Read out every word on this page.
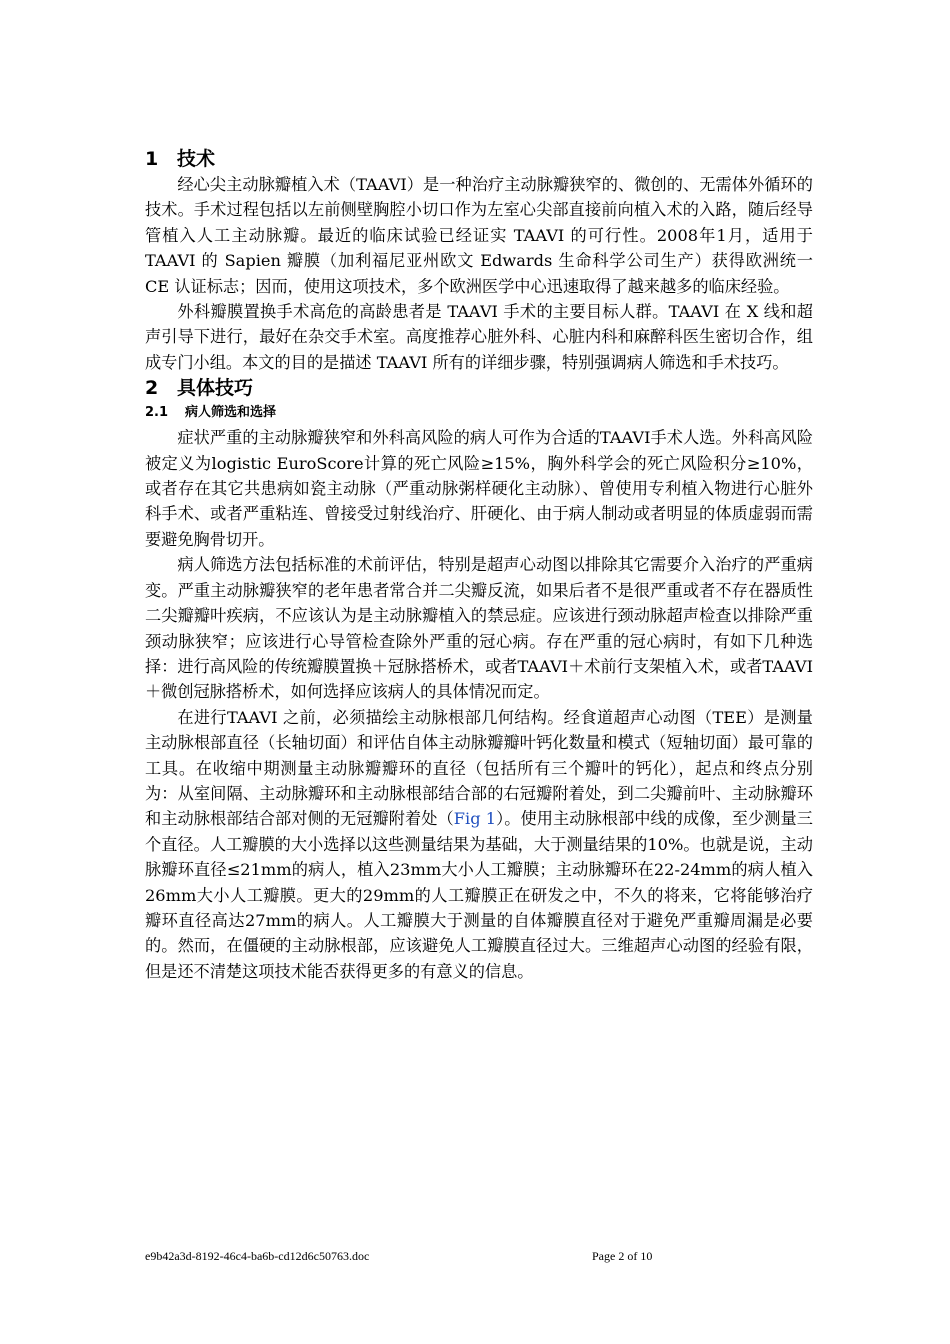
1 技术

经心尖主动脉瓣植入术（TAAVI）是一种治疗主动脉瓣狭窄的、微创的、无需体外循环的技术。手术过程包括以左前侧壁胸腔小切口作为左室心尖部直接前向植入术的入路，随后经导管植入人工主动脉瓣。最近的临床试验已经证实 TAAVI 的可行性。2008年1月，适用于 TAAVI 的 Sapien 瓣膜（加利福尼亚州欧文 Edwards 生命科学公司生产）获得欧洲统一 CE 认证标志；因而，使用这项技术，多个欧洲医学中心迅速取得了越来越多的临床经验。

外科瓣膜置换手术高危的高龄患者是 TAAVI 手术的主要目标人群。TAAVI 在 X 线和超声引导下进行，最好在杂交手术室。高度推荐心脏外科、心脏内科和麻醉科医生密切合作，组成专门小组。本文的目的是描述 TAAVI 所有的详细步骤，特别强调病人筛选和手术技巧。

2 具体技巧
2.1	病人筛选和选择

症状严重的主动脉瓣狭窄和外科高风险的病人可作为合适的TAAVI手术人选。外科高风险被定义为logistic EuroScore计算的死亡风险≥15%，胸外科学会的死亡风险积分≥10%，或者存在其它共患病如瓷主动脉（严重动脉粥样硬化主动脉）、曾使用专利植入物进行心脏外科手术、或者严重粘连、曾接受过射线治疗、肝硬化、由于病人制动或者明显的体质虚弱而需要避免胸骨切开。

病人筛选方法包括标准的术前评估，特别是超声心动图以排除其它需要介入治疗的严重病变。严重主动脉瓣狭窄的老年患者常合并二尖瓣反流，如果后者不是很严重或者不存在器质性二尖瓣瓣叶疾病，不应该认为是主动脉瓣植入的禁忌症。应该进行颈动脉超声检查以排除严重颈动脉狭窄；应该进行心导管检查除外严重的冠心病。存在严重的冠心病时，有如下几种选择：进行高风险的传统瓣膜置换＋冠脉搭桥术，或者TAAVI＋术前行支架植入术，或者TAAVI＋微创冠脉搭桥术，如何选择应该病人的具体情况而定。

在进行TAAVI 之前，必须描绘主动脉根部几何结构。经食道超声心动图（TEE）是测量主动脉根部直径（长轴切面）和评估自体主动脉瓣瓣叶钙化数量和模式（短轴切面）最可靠的工具。在收缩中期测量主动脉瓣瓣环的直径（包括所有三个瓣叶的钙化），起点和终点分别为：从室间隔、主动脉瓣环和主动脉根部结合部的右冠瓣附着处，到二尖瓣前叶、主动脉瓣环和主动脉根部结合部对侧的无冠瓣附着处（Fig 1）。使用主动脉根部中线的成像，至少测量三个直径。人工瓣膜的大小选择以这些测量结果为基础，大于测量结果的10%。也就是说，主动脉瓣环直径≤21mm的病人，植入23mm大小人工瓣膜；主动脉瓣环在22-24mm的病人植入26mm大小人工瓣膜。更大的29mm的人工瓣膜正在研发之中，不久的将来，它将能够治疗瓣环直径高达27mm的病人。人工瓣膜大于测量的自体瓣膜直径对于避免严重瓣周漏是必要的。然而，在僵硬的主动脉根部，应该避免人工瓣膜直径过大。三维超声心动图的经验有限，但是还不清楚这项技术能否获得更多的有意义的信息。

e9b42a3d-8192-46c4-ba6b-cd12d6c50763.doc	Page 2 of 10
